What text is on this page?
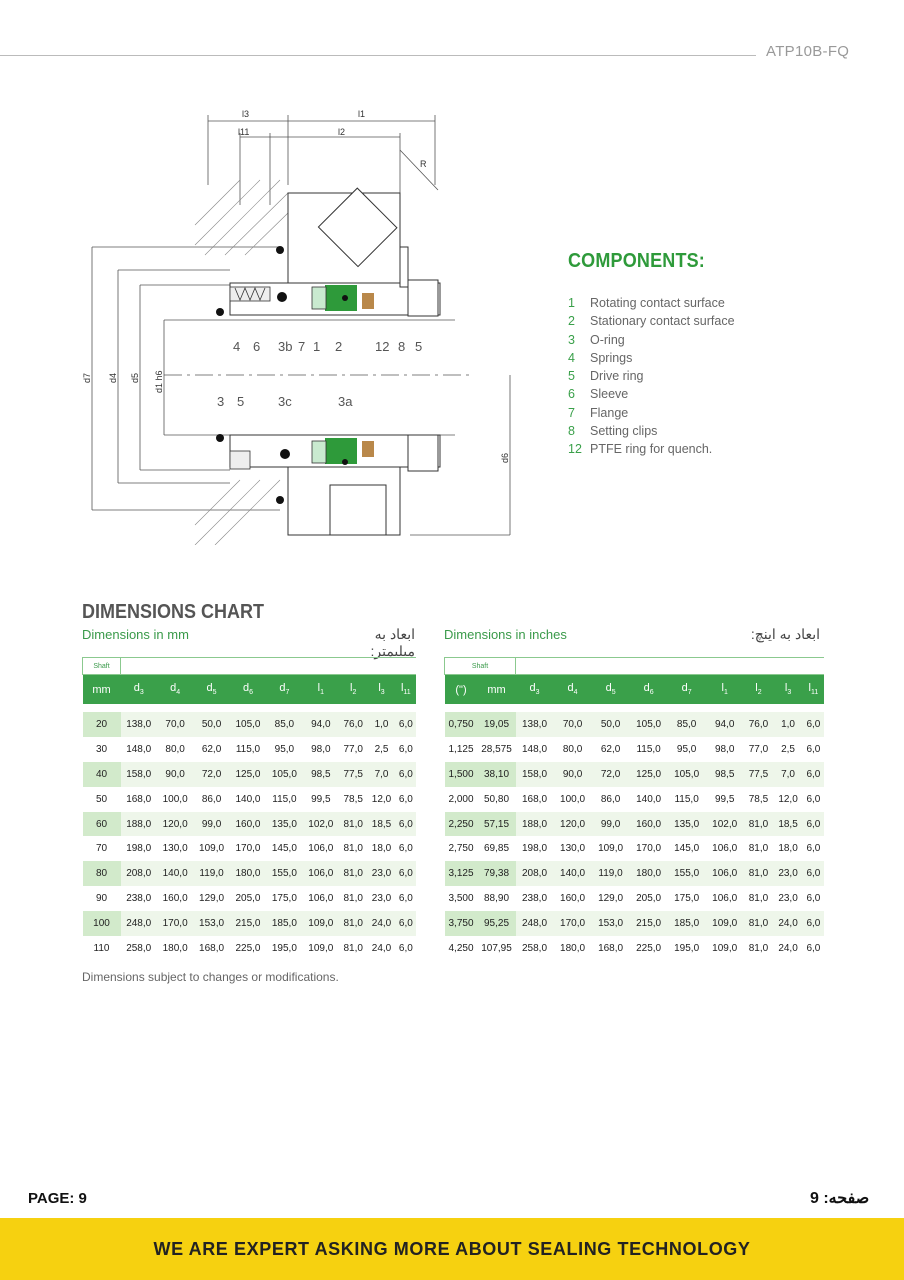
ATP10B-FQ
l3	l1
l11	l2
R
d7 d4 d5 d1 h6
d6
4 6 3b 7 1 2	12 8 5
3 5	3c	3a
COMPONENTS:
1 Rotating contact surface
2 Stationary contact surface
3 O-ring
4 Springs
5 Drive ring
6 Sleeve
7 Flange
8 Setting clips
12 PTFE ring for quench.
DIMENSIONS CHART
Dimensions in mm	ابعاد به میلیمتر:
Dimensions in inches	ابعاد به اینچ:
Shaft									
mm	$d_3$	$d_4$	$d_5$	$d_6$	$d_7$	$l_1$	$l_2$	$l_3$	$l_{11}$

20	138,0	70,0	50,0	105,0	85,0	94,0	76,0	1,0	6,0
30	148,0	80,0	62,0	115,0	95,0	98,0	77,0	2,5	6,0
40	158,0	90,0	72,0	125,0	105,0	98,5	77,5	7,0	6,0
50	168,0	100,0	86,0	140,0	115,0	99,5	78,5	12,0	6,0
60	188,0	120,0	99,0	160,0	135,0	102,0	81,0	18,5	6,0
70	198,0	130,0	109,0	170,0	145,0	106,0	81,0	18,0	6,0
80	208,0	140,0	119,0	180,0	155,0	106,0	81,0	23,0	6,0
90	238,0	160,0	129,0	205,0	175,0	106,0	81,0	23,0	6,0
100	248,0	170,0	153,0	215,0	185,0	109,0	81,0	24,0	6,0
110	258,0	180,0	168,0	225,0	195,0	109,0	81,0	24,0	6,0
Shaft										
(")	mm	$d_3$	$d_4$	$d_5$	$d_6$	$d_7$	$l_1$	$l_2$	$l_3$	$l_{11}$

0,750	19,05	138,0	70,0	50,0	105,0	85,0	94,0	76,0	1,0	6,0
1,125	28,575	148,0	80,0	62,0	115,0	95,0	98,0	77,0	2,5	6,0
1,500	38,10	158,0	90,0	72,0	125,0	105,0	98,5	77,5	7,0	6,0
2,000	50,80	168,0	100,0	86,0	140,0	115,0	99,5	78,5	12,0	6,0
2,250	57,15	188,0	120,0	99,0	160,0	135,0	102,0	81,0	18,5	6,0
2,750	69,85	198,0	130,0	109,0	170,0	145,0	106,0	81,0	18,0	6,0
3,125	79,38	208,0	140,0	119,0	180,0	155,0	106,0	81,0	23,0	6,0
3,500	88,90	238,0	160,0	129,0	205,0	175,0	106,0	81,0	23,0	6,0
3,750	95,25	248,0	170,0	153,0	215,0	185,0	109,0	81,0	24,0	6,0
4,250	107,95	258,0	180,0	168,0	225,0	195,0	109,0	81,0	24,0	6,0
Dimensions subject to changes or modifications.
PAGE: 9	صفحه: 9
WE ARE EXPERT ASKING MORE ABOUT SEALING TECHNOLOGY
